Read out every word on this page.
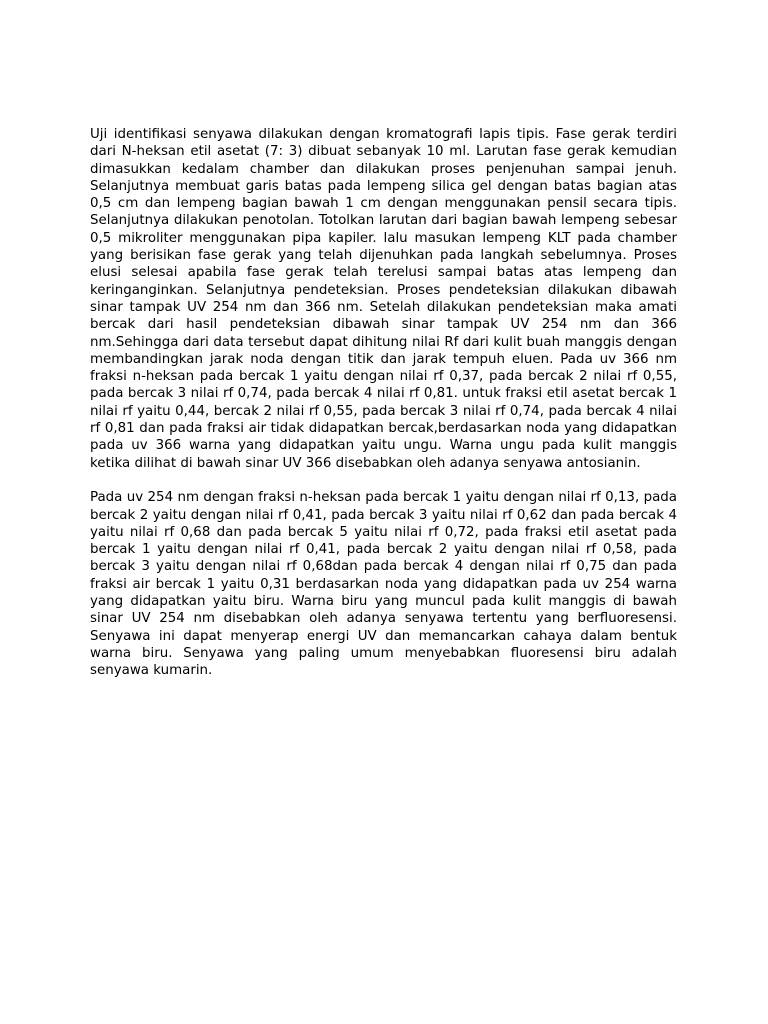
Uji identifikasi senyawa dilakukan dengan kromatografi lapis tipis. Fase gerak terdiri dari N-heksan etil asetat (7: 3) dibuat sebanyak 10 ml. Larutan fase gerak kemudian dimasukkan kedalam chamber dan dilakukan proses penjenuhan sampai jenuh. Selanjutnya membuat garis batas pada lempeng silica gel dengan batas bagian atas 0,5 cm dan lempeng bagian bawah 1 cm dengan menggunakan pensil secara tipis. Selanjutnya dilakukan penotolan. Totolkan larutan dari bagian bawah lempeng sebesar 0,5 mikroliter menggunakan pipa kapiler. lalu masukan lempeng KLT pada chamber yang berisikan fase gerak yang telah dijenuhkan pada langkah sebelumnya. Proses elusi selesai apabila fase gerak telah terelusi sampai batas atas lempeng dan keringanginkan. Selanjutnya pendeteksian. Proses pendeteksian dilakukan dibawah sinar tampak UV 254 nm dan 366 nm. Setelah dilakukan pendeteksian maka amati bercak dari hasil pendeteksian dibawah sinar tampak UV 254 nm dan 366 nm.Sehingga dari data tersebut dapat dihitung nilai Rf dari kulit buah manggis dengan membandingkan jarak noda dengan titik dan jarak tempuh eluen. Pada uv 366 nm fraksi n-heksan pada bercak 1 yaitu dengan nilai rf 0,37, pada bercak 2 nilai rf 0,55, pada bercak 3 nilai rf 0,74, pada bercak 4 nilai rf 0,81. untuk fraksi etil asetat bercak 1 nilai rf yaitu 0,44, bercak 2 nilai rf 0,55, pada bercak 3 nilai rf 0,74, pada bercak 4 nilai rf 0,81 dan pada fraksi air tidak didapatkan bercak,berdasarkan noda yang didapatkan pada uv 366 warna yang didapatkan yaitu ungu. Warna ungu pada kulit manggis ketika dilihat di bawah sinar UV 366 disebabkan oleh adanya senyawa antosianin.

Pada uv 254 nm dengan fraksi n-heksan pada bercak 1 yaitu dengan nilai rf 0,13, pada bercak 2 yaitu dengan nilai rf 0,41, pada bercak 3 yaitu nilai rf 0,62 dan pada bercak 4 yaitu nilai rf 0,68 dan pada bercak 5 yaitu nilai rf 0,72, pada fraksi etil asetat pada bercak 1 yaitu dengan nilai rf 0,41, pada bercak 2 yaitu dengan nilai rf 0,58, pada bercak 3 yaitu dengan nilai rf 0,68dan pada bercak 4 dengan nilai rf 0,75 dan pada fraksi air bercak 1 yaitu 0,31 berdasarkan noda yang didapatkan pada uv 254 warna yang didapatkan yaitu biru. Warna biru yang muncul pada kulit manggis di bawah sinar UV 254 nm disebabkan oleh adanya senyawa tertentu yang berfluoresensi. Senyawa ini dapat menyerap energi UV dan memancarkan cahaya dalam bentuk warna biru. Senyawa yang paling umum menyebabkan fluoresensi biru adalah senyawa kumarin.
